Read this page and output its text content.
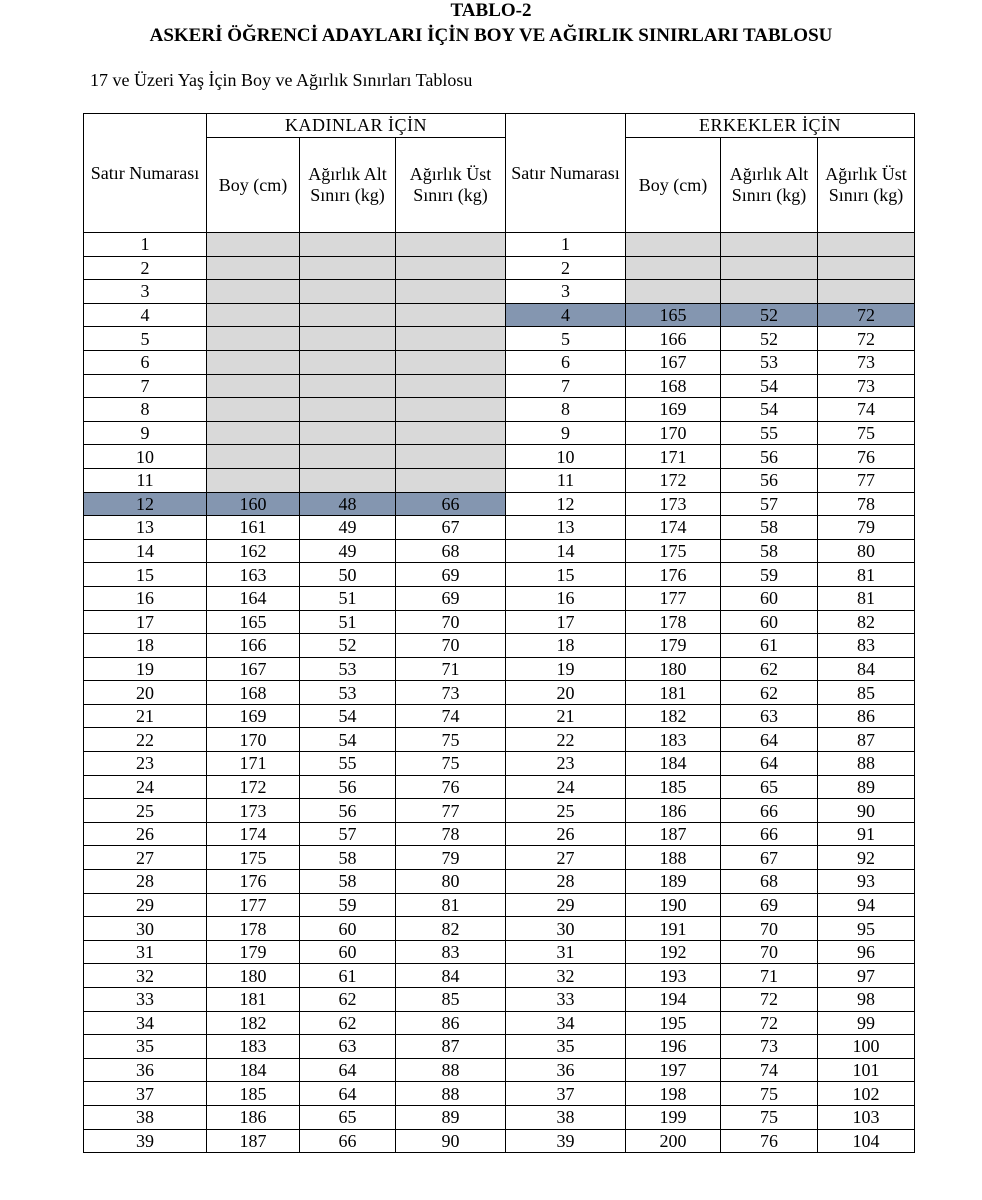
TABLO-2

ASKERİ ÖĞRENCİ ADAYLARI İÇİN BOY VE AĞIRLIK SINIRLARI TABLOSU

17 ve Üzeri Yaş İçin Boy ve Ağırlık Sınırları Tablosu

Satır Numarası	KADINLAR İÇİN			Satır Numarası	ERKEKLER İÇİN		
	Boy (cm)	Ağırlık Alt Sınırı (kg)	Ağırlık Üst Sınırı (kg)		Boy (cm)	Ağırlık Alt Sınırı (kg)	Ağırlık Üst Sınırı (kg)
1				1			
2				2			
3				3			
4				4	165	52	72
5				5	166	52	72
6				6	167	53	73
7				7	168	54	73
8				8	169	54	74
9				9	170	55	75
10				10	171	56	76
11				11	172	56	77
12	160	48	66	12	173	57	78
13	161	49	67	13	174	58	79
14	162	49	68	14	175	58	80
15	163	50	69	15	176	59	81
16	164	51	69	16	177	60	81
17	165	51	70	17	178	60	82
18	166	52	70	18	179	61	83
19	167	53	71	19	180	62	84
20	168	53	73	20	181	62	85
21	169	54	74	21	182	63	86
22	170	54	75	22	183	64	87
23	171	55	75	23	184	64	88
24	172	56	76	24	185	65	89
25	173	56	77	25	186	66	90
26	174	57	78	26	187	66	91
27	175	58	79	27	188	67	92
28	176	58	80	28	189	68	93
29	177	59	81	29	190	69	94
30	178	60	82	30	191	70	95
31	179	60	83	31	192	70	96
32	180	61	84	32	193	71	97
33	181	62	85	33	194	72	98
34	182	62	86	34	195	72	99
35	183	63	87	35	196	73	100
36	184	64	88	36	197	74	101
37	185	64	88	37	198	75	102
38	186	65	89	38	199	75	103
39	187	66	90	39	200	76	104
